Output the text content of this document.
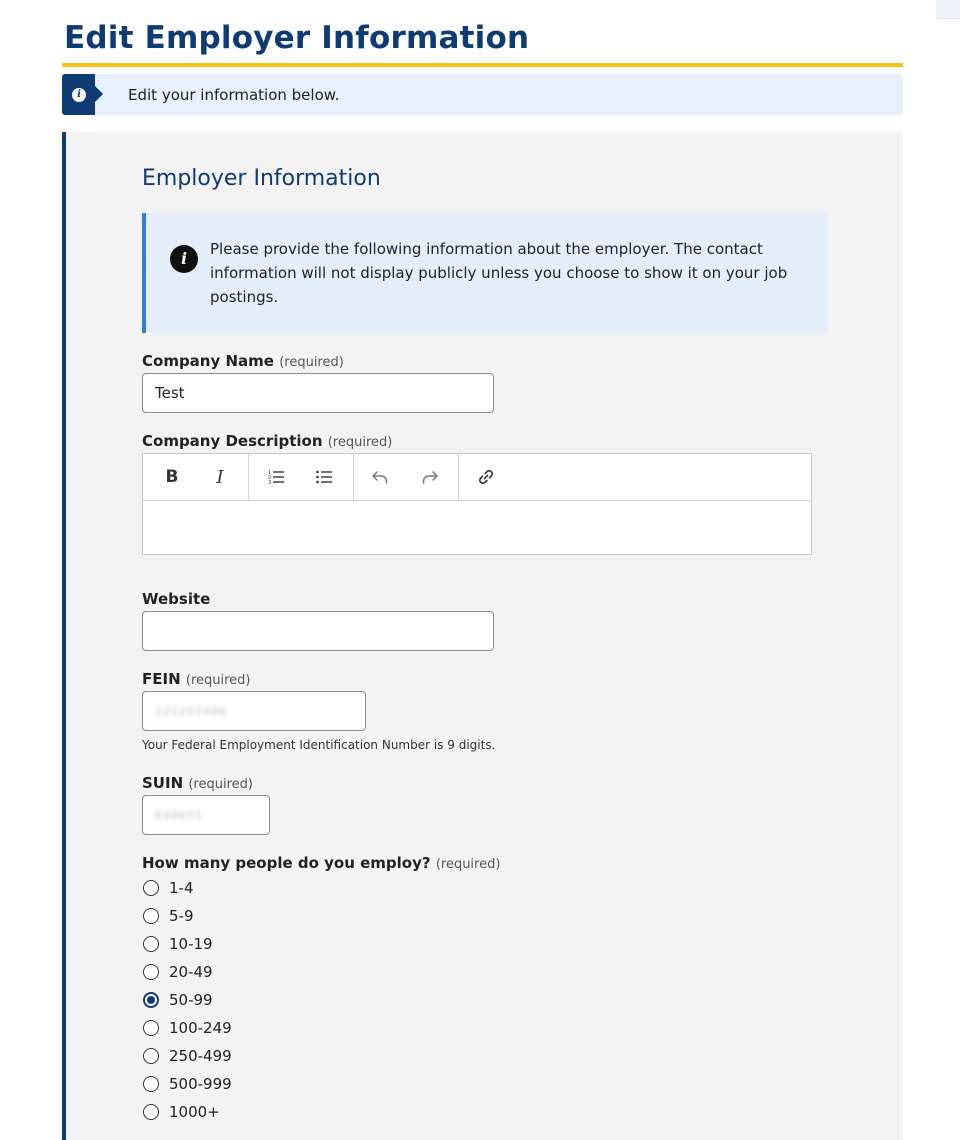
Edit Employer Information
i	Edit your information below.
Employer Information
i	Please provide the following information about the employer. The contact information will not display publicly unless you choose to show it on your job postings.
Company Name (required)
Test
Company Description (required)
B	I	1
2
3
Website
FEIN (required)
121203486
Your Federal Employment Identification Number is 9 digits.
SUIN (required)
648651
How many people do you employ? (required)
1-4
5-9
10-19
20-49
50-99
100-249
250-499
500-999
1000+
